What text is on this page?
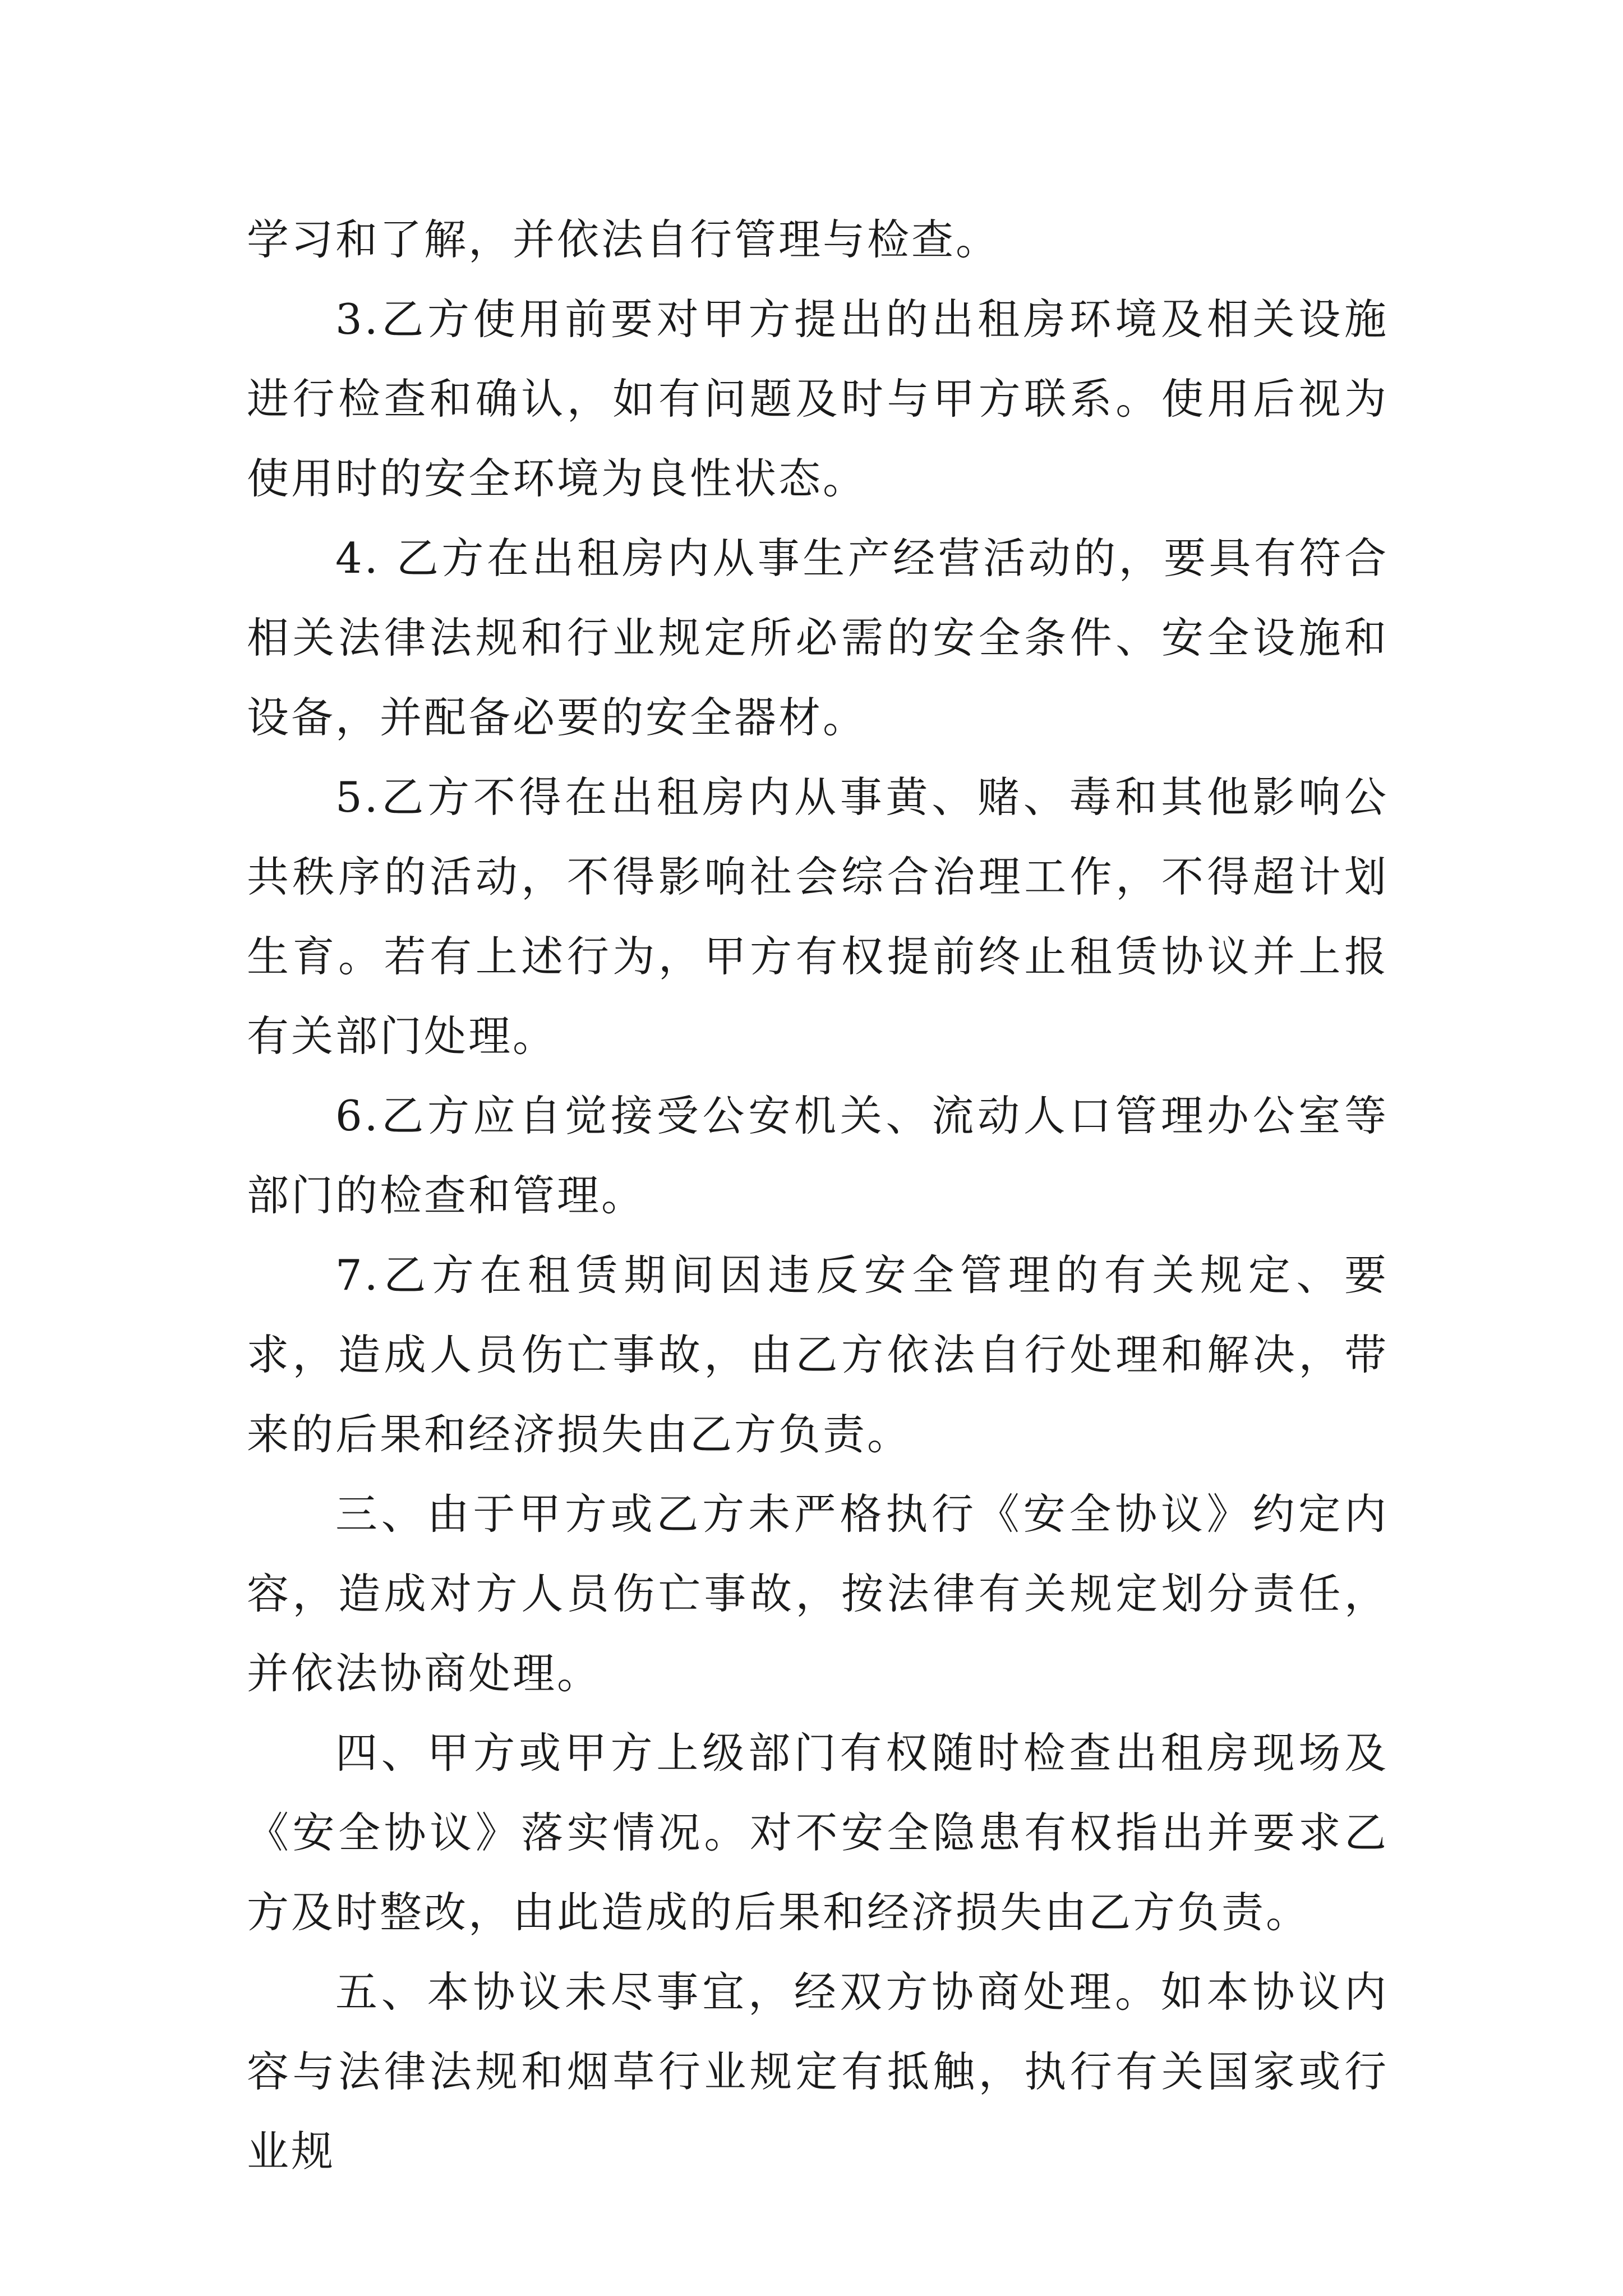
学习和了解，并依法自行管理与检查。

3.乙方使用前要对甲方提出的出租房环境及相关设施进行检查和确认，如有问题及时与甲方联系。使用后视为使用时的安全环境为良性状态。

4. 乙方在出租房内从事生产经营活动的，要具有符合相关法律法规和行业规定所必需的安全条件、安全设施和设备，并配备必要的安全器材。

5.乙方不得在出租房内从事黄、赌、毒和其他影响公共秩序的活动，不得影响社会综合治理工作，不得超计划生育。若有上述行为，甲方有权提前终止租赁协议并上报有关部门处理。

6.乙方应自觉接受公安机关、流动人口管理办公室等部门的检查和管理。

7.乙方在租赁期间因违反安全管理的有关规定、要求，造成人员伤亡事故，由乙方依法自行处理和解决，带来的后果和经济损失由乙方负责。

三、由于甲方或乙方未严格执行《安全协议》约定内容，造成对方人员伤亡事故，按法律有关规定划分责任，并依法协商处理。

四、甲方或甲方上级部门有权随时检查出租房现场及《安全协议》落实情况。对不安全隐患有权指出并要求乙方及时整改，由此造成的后果和经济损失由乙方负责。

五、本协议未尽事宜，经双方协商处理。如本协议内容与法律法规和烟草行业规定有抵触，执行有关国家或行业规
